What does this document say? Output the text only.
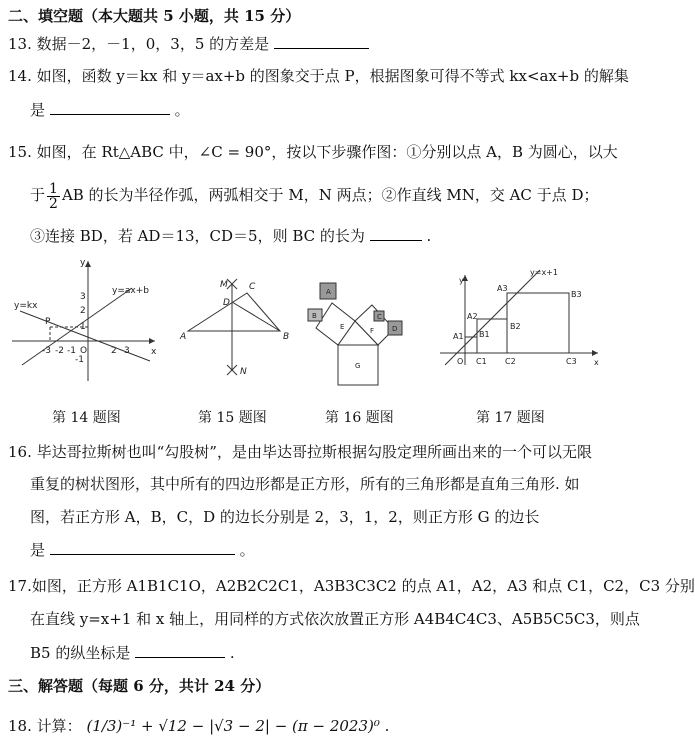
二、填空题（本大题共 5 小题，共 15 分）
13. 数据－2，－1，0，3，5 的方差是
14. 如图，函数 y＝kx 和 y＝ax+b 的图象交于点 P，根据图象可得不等式 kx<ax+b 的解集
是	。
15. 如图，在 Rt△ABC 中，∠C = 90°，按以下步骤作图：①分别以点 A，B 为圆心，以大
于 $\frac{1}{2}$ AB 的长为半径作弧，两弧相交于 M，N 两点；②作直线 MN，交 AC 于点 D；
③连接 BD，若 AD＝13，CD＝5，则 BC 的长为	.
y
x
O
y=kx
y=ax+b
P
3
2
1
-1
-3 -2 -1	2 3
M
N
A	B
C
D
A
B	C
D
E	F
G
y
x
O
y=x+1
A1
A2
A3
B1
B2
B3
C1 C2	C3
第 14 题图	第 15 题图	第 16 题图	第 17 题图
16. 毕达哥拉斯树也叫“勾股树”，是由毕达哥拉斯根据勾股定理所画出来的一个可以无限
重复的树状图形，其中所有的四边形都是正方形，所有的三角形都是直角三角形. 如
图，若正方形 A，B，C，D 的边长分别是 2，3，1，2，则正方形 G 的边长
是	。
17.如图，正方形 A1B1C1O，A2B2C2C1，A3B3C3C2 的点 A1，A2，A3 和点 C1，C2，C3 分别
在直线 y=x+1 和 x 轴上，用同样的方式依次放置正方形 A4B4C4C3、A5B5C5C3，则点
B5 的纵坐标是	.
三、解答题（每题 6 分，共计 24 分）
18. 计算： (1/3)⁻¹ + √12 − |√3 − 2| − (π − 2023)⁰ .
